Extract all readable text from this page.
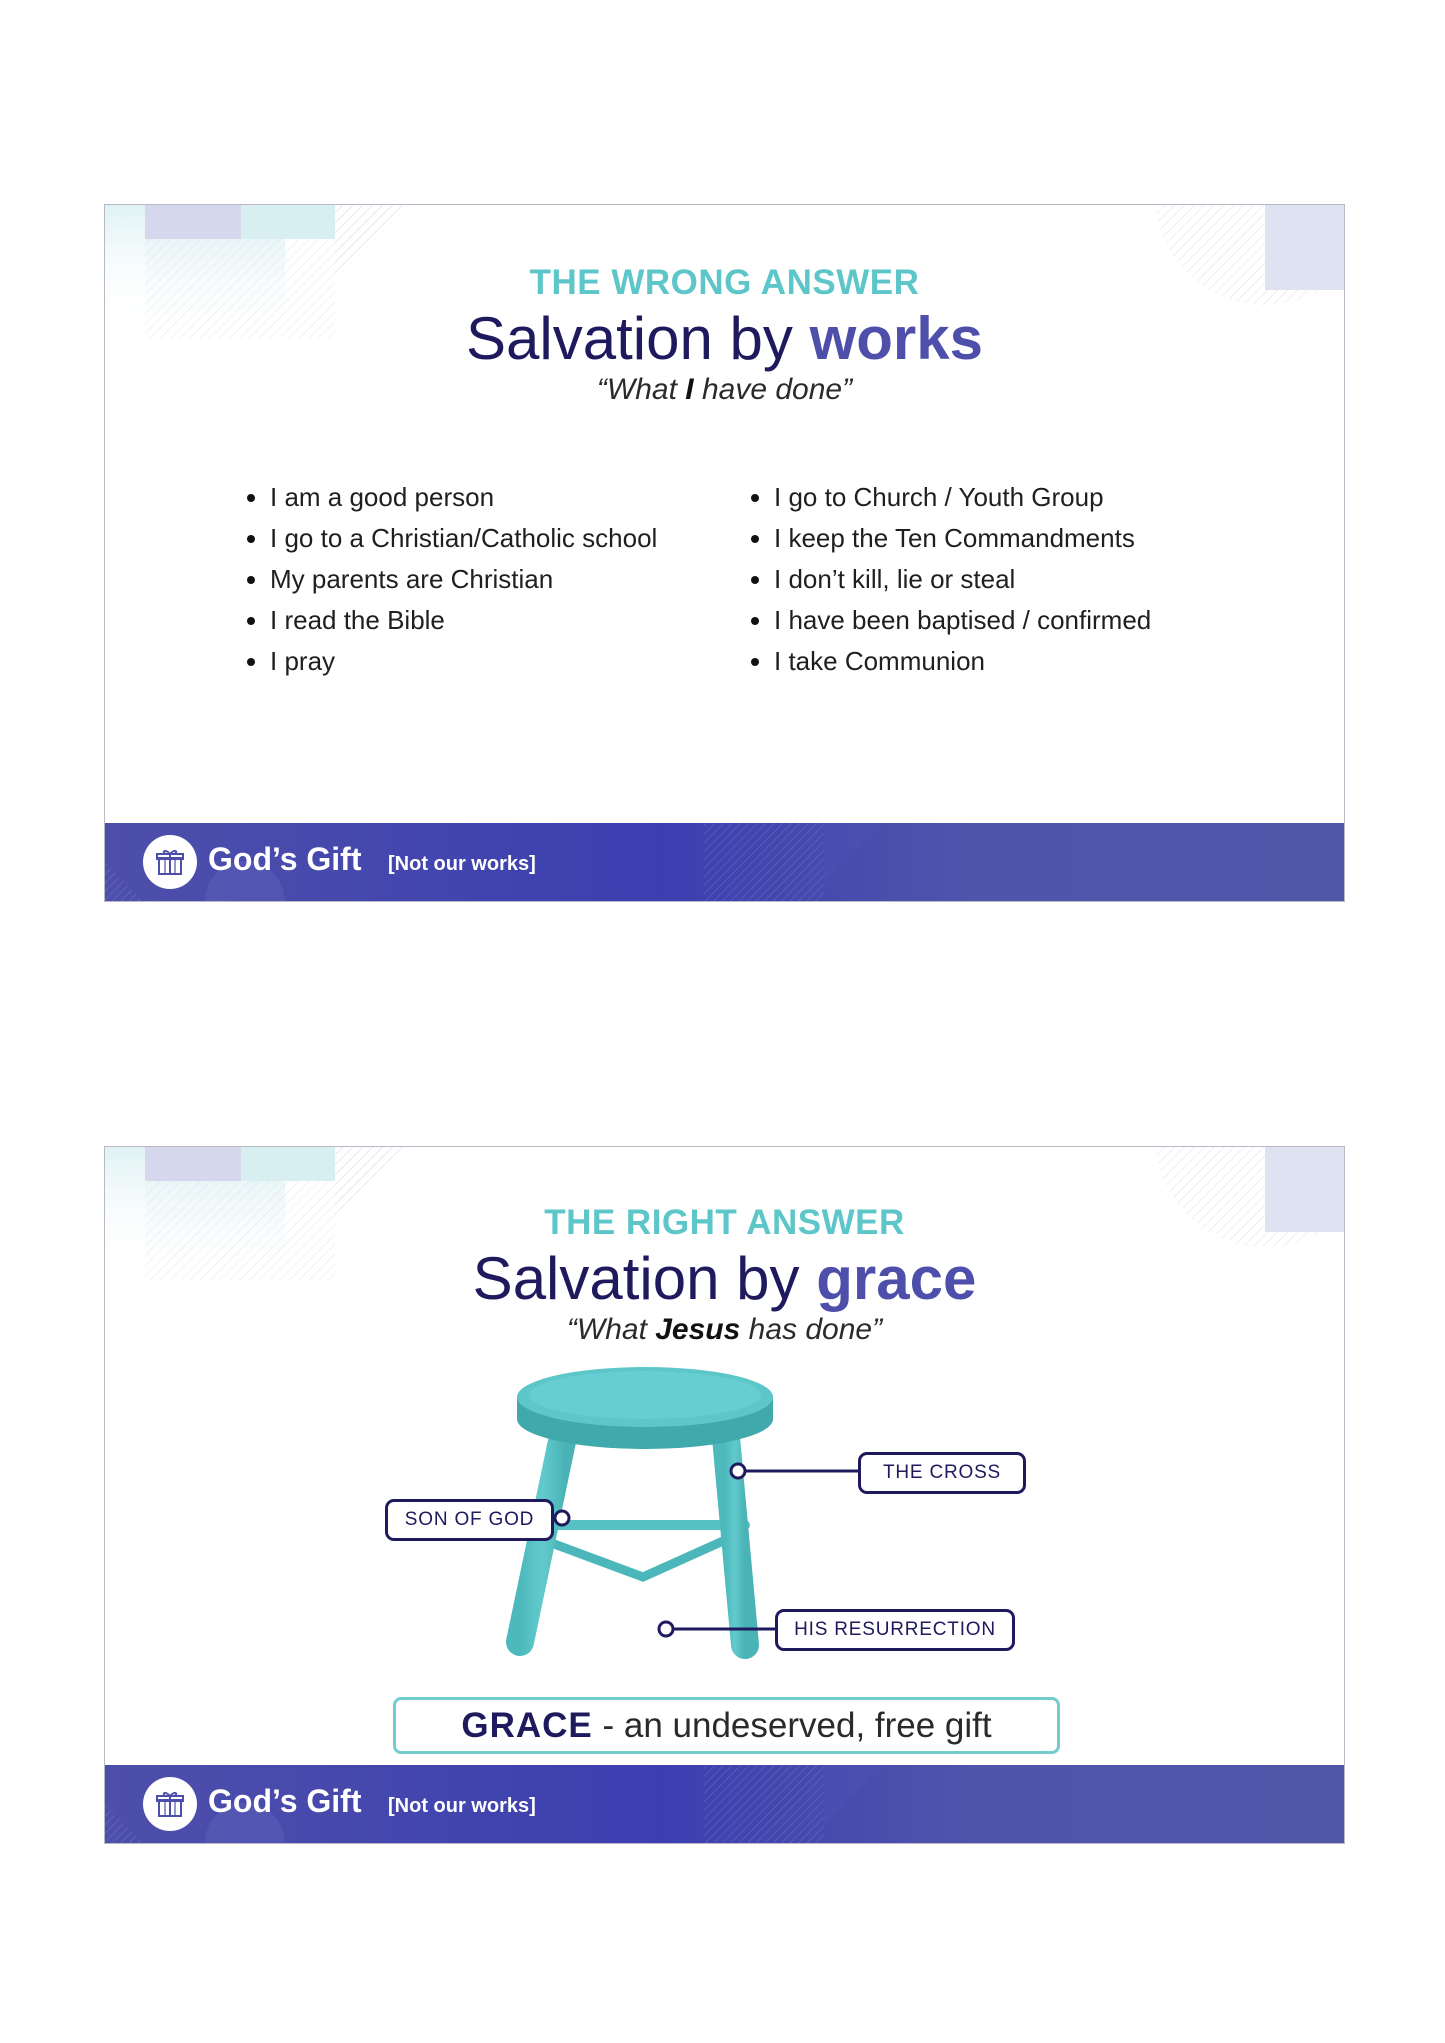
THE WRONG ANSWER
Salvation by works
“What I have done”
I am a good person
I go to a Christian/Catholic school
My parents are Christian
I read the Bible
I pray
I go to Church / Youth Group
I keep the Ten Commandments
I don’t kill, lie or steal
I have been baptised / confirmed
I take Communion
God’s Gift [Not our works]
THE RIGHT ANSWER
Salvation by grace
“What Jesus has done”
THE CROSS
SON OF GOD
HIS RESURRECTION
GRACE - an undeserved, free gift
God’s Gift [Not our works]
